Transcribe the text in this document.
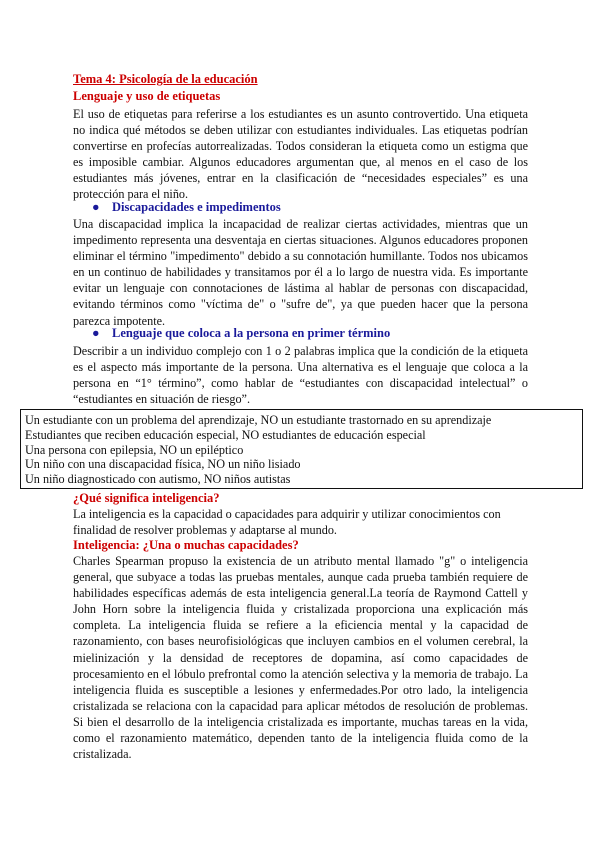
Tema 4: Psicología de la educación
Lenguaje y uso de etiquetas
El uso de etiquetas para referirse a los estudiantes es un asunto controvertido. Una etiqueta no indica qué métodos se deben utilizar con estudiantes individuales. Las etiquetas podrían convertirse en profecías autorrealizadas. Todos consideran la etiqueta como un estigma que es imposible cambiar. Algunos educadores argumentan que, al menos en el caso de los estudiantes más jóvenes, entrar en la clasificación de “necesidades especiales” es una protección para el niño.
● Discapacidades e impedimentos
Una discapacidad implica la incapacidad de realizar ciertas actividades, mientras que un impedimento representa una desventaja en ciertas situaciones. Algunos educadores proponen eliminar el término "impedimento" debido a su connotación humillante. Todos nos ubicamos en un continuo de habilidades y transitamos por él a lo largo de nuestra vida. Es importante evitar un lenguaje con connotaciones de lástima al hablar de personas con discapacidad, evitando términos como "víctima de" o "sufre de", ya que pueden hacer que la persona parezca impotente.
● Lenguaje que coloca a la persona en primer término
Describir a un individuo complejo con 1 o 2 palabras implica que la condición de la etiqueta es el aspecto más importante de la persona. Una alternativa es el lenguaje que coloca a la persona en “1° término”, como hablar de “estudiantes con discapacidad intelectual” o “estudiantes en situación de riesgo”.
Un estudiante con un problema del aprendizaje, NO un estudiante trastornado en su aprendizaje
Estudiantes que reciben educación especial, NO estudiantes de educación especial
Una persona con epilepsia, NO un epiléptico
Un niño con una discapacidad física, NO un niño lisiado
Un niño diagnosticado con autismo, NO niños autistas
¿Qué significa inteligencia?
La inteligencia es la capacidad o capacidades para adquirir y utilizar conocimientos con finalidad de resolver problemas y adaptarse al mundo.
Inteligencia: ¿Una o muchas capacidades?
Charles Spearman propuso la existencia de un atributo mental llamado "g" o inteligencia general, que subyace a todas las pruebas mentales, aunque cada prueba también requiere de habilidades específicas además de esta inteligencia general.La teoría de Raymond Cattell y John Horn sobre la inteligencia fluida y cristalizada proporciona una explicación más completa. La inteligencia fluida se refiere a la eficiencia mental y la capacidad de razonamiento, con bases neurofisiológicas que incluyen cambios en el volumen cerebral, la mielinización y la densidad de receptores de dopamina, así como capacidades de procesamiento en el lóbulo prefrontal como la atención selectiva y la memoria de trabajo. La inteligencia fluida es susceptible a lesiones y enfermedades.Por otro lado, la inteligencia cristalizada se relaciona con la capacidad para aplicar métodos de resolución de problemas. Si bien el desarrollo de la inteligencia cristalizada es importante, muchas tareas en la vida, como el razonamiento matemático, dependen tanto de la inteligencia fluida como de la cristalizada.
